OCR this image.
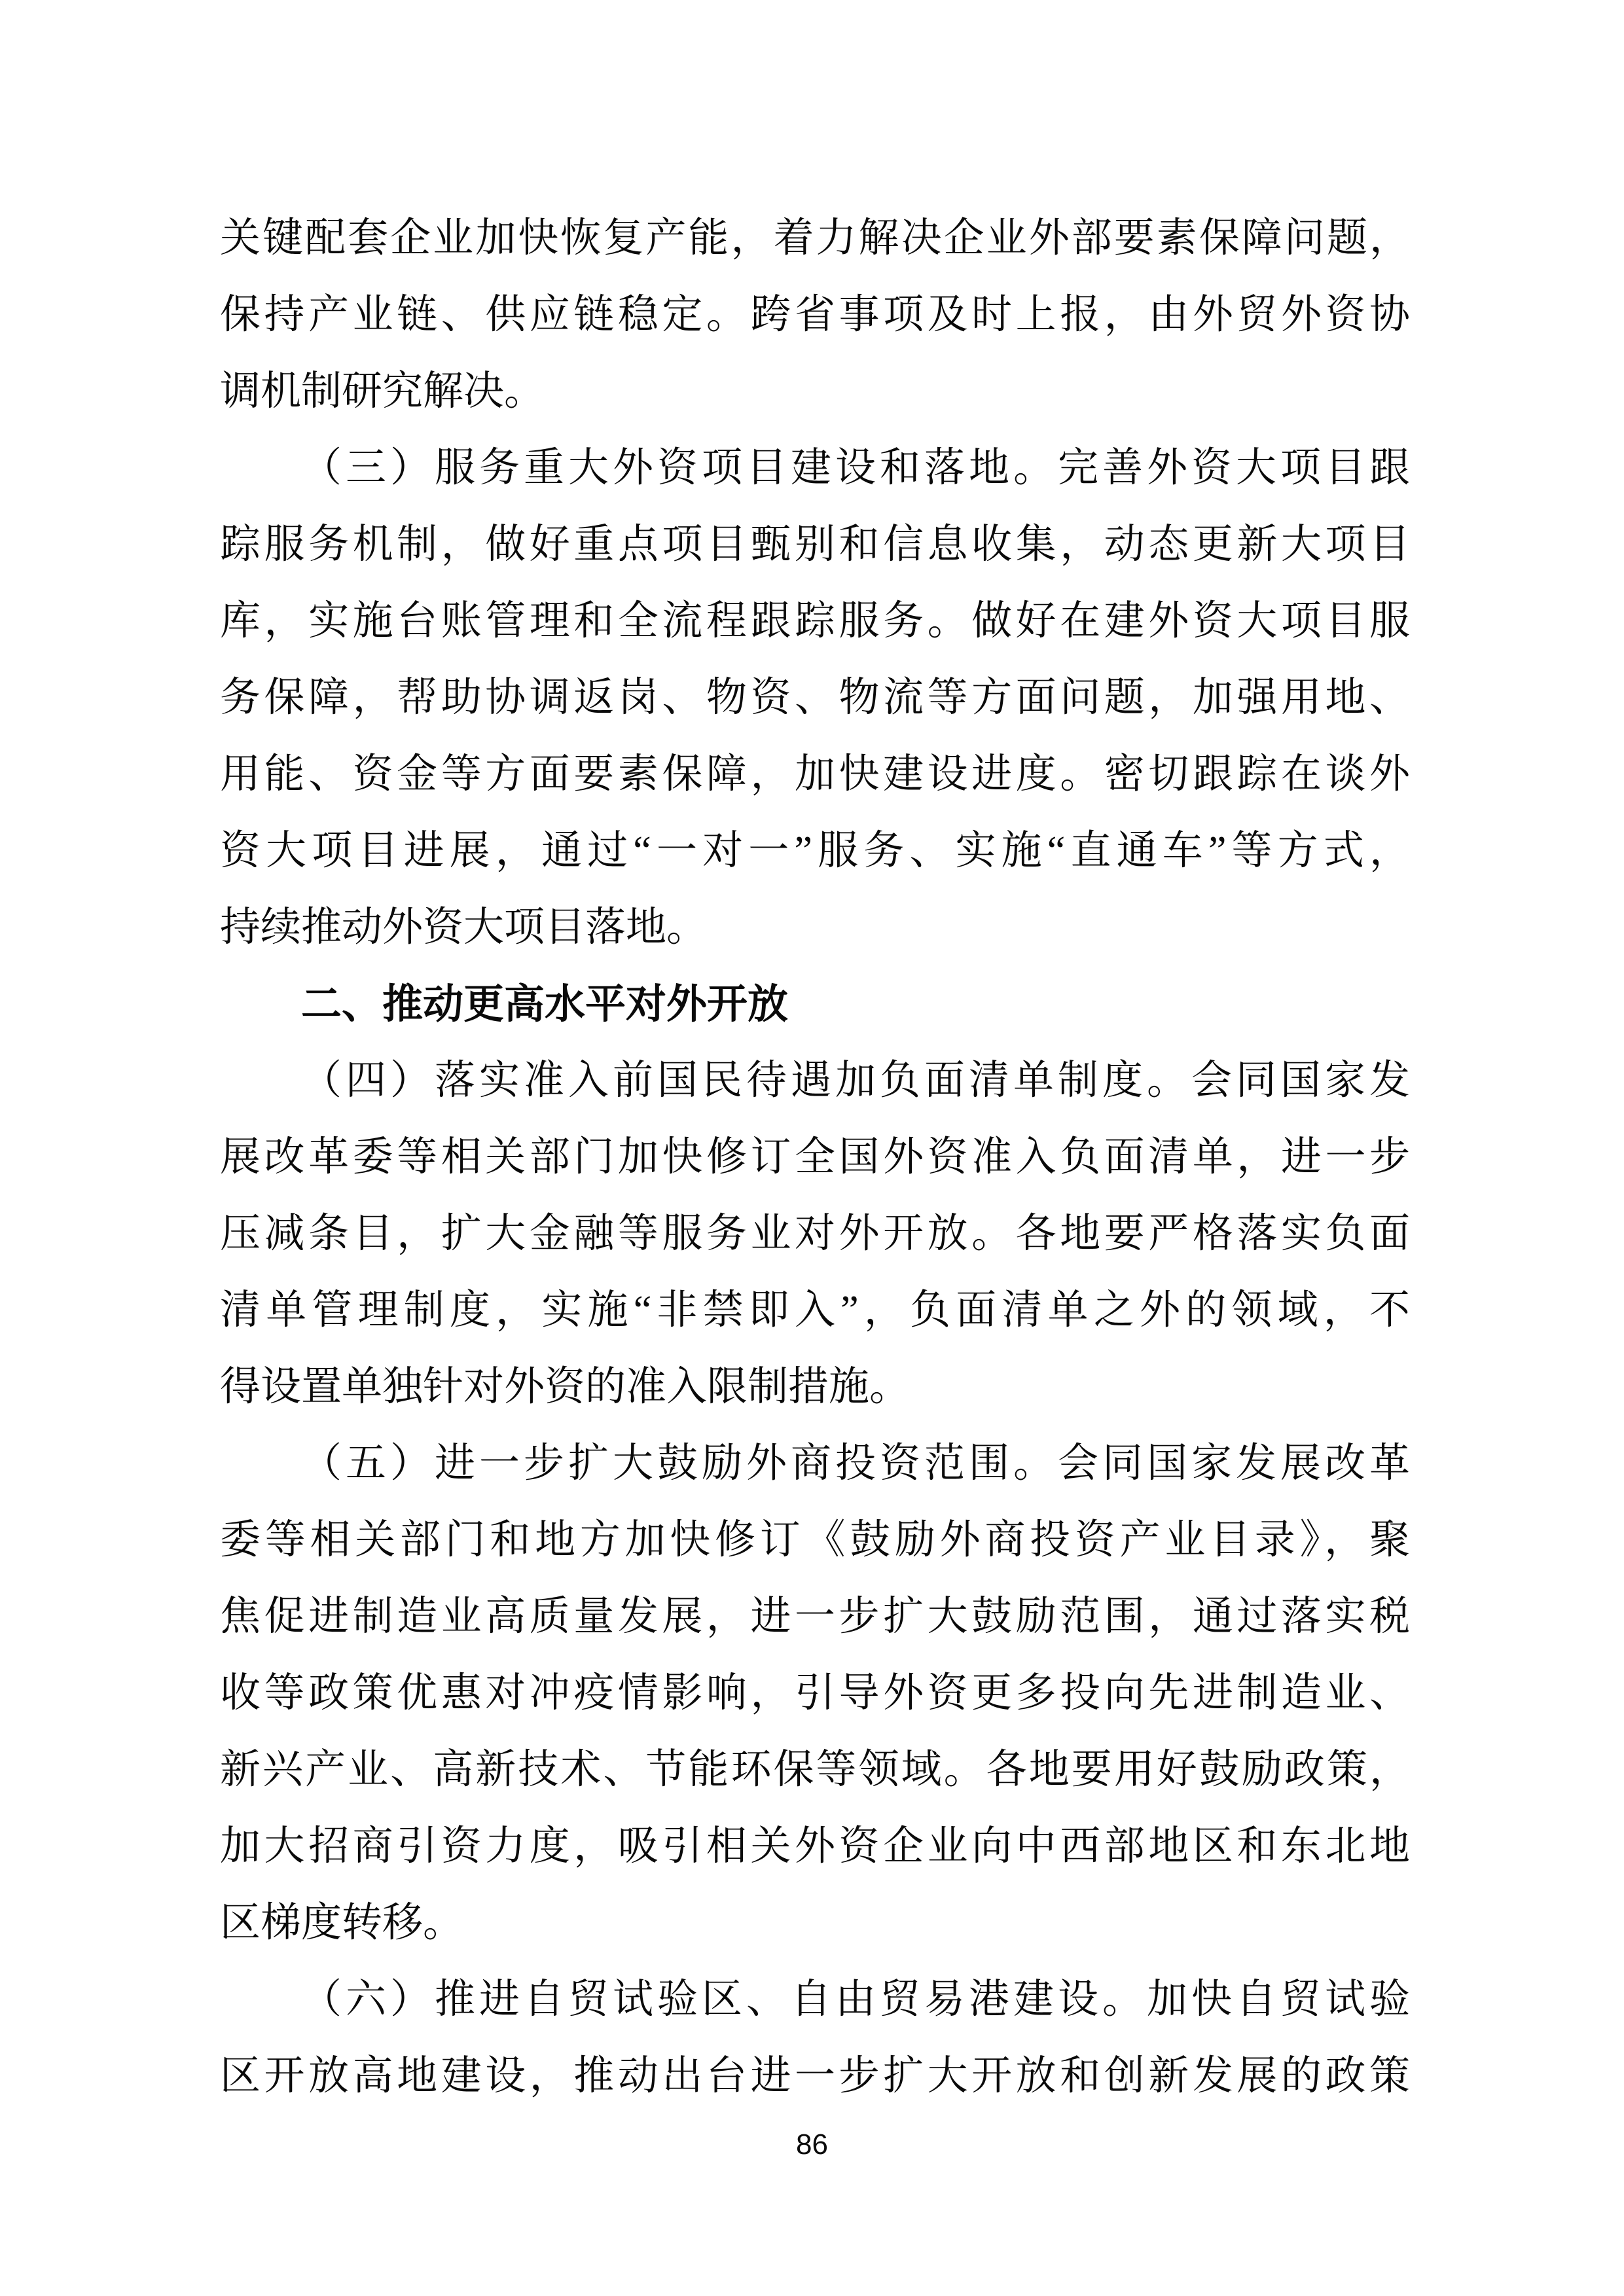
关键配套企业加快恢复产能，着力解决企业外部要素保障问题，
保持产业链、供应链稳定。跨省事项及时上报，由外贸外资协
调机制研究解决。
（三）服务重大外资项目建设和落地。完善外资大项目跟
踪服务机制，做好重点项目甄别和信息收集，动态更新大项目
库，实施台账管理和全流程跟踪服务。做好在建外资大项目服
务保障，帮助协调返岗、物资、物流等方面问题，加强用地、
用能、资金等方面要素保障，加快建设进度。密切跟踪在谈外
资大项目进展，通过“一对一”服务、实施“直通车”等方式，
持续推动外资大项目落地。
二、推动更高水平对外开放
（四）落实准入前国民待遇加负面清单制度。会同国家发
展改革委等相关部门加快修订全国外资准入负面清单，进一步
压减条目，扩大金融等服务业对外开放。各地要严格落实负面
清单管理制度，实施“非禁即入”，负面清单之外的领域，不
得设置单独针对外资的准入限制措施。
（五）进一步扩大鼓励外商投资范围。会同国家发展改革
委等相关部门和地方加快修订《鼓励外商投资产业目录》，聚
焦促进制造业高质量发展，进一步扩大鼓励范围，通过落实税
收等政策优惠对冲疫情影响，引导外资更多投向先进制造业、
新兴产业、高新技术、节能环保等领域。各地要用好鼓励政策，
加大招商引资力度，吸引相关外资企业向中西部地区和东北地
区梯度转移。
（六）推进自贸试验区、自由贸易港建设。加快自贸试验
区开放高地建设，推动出台进一步扩大开放和创新发展的政策
86
